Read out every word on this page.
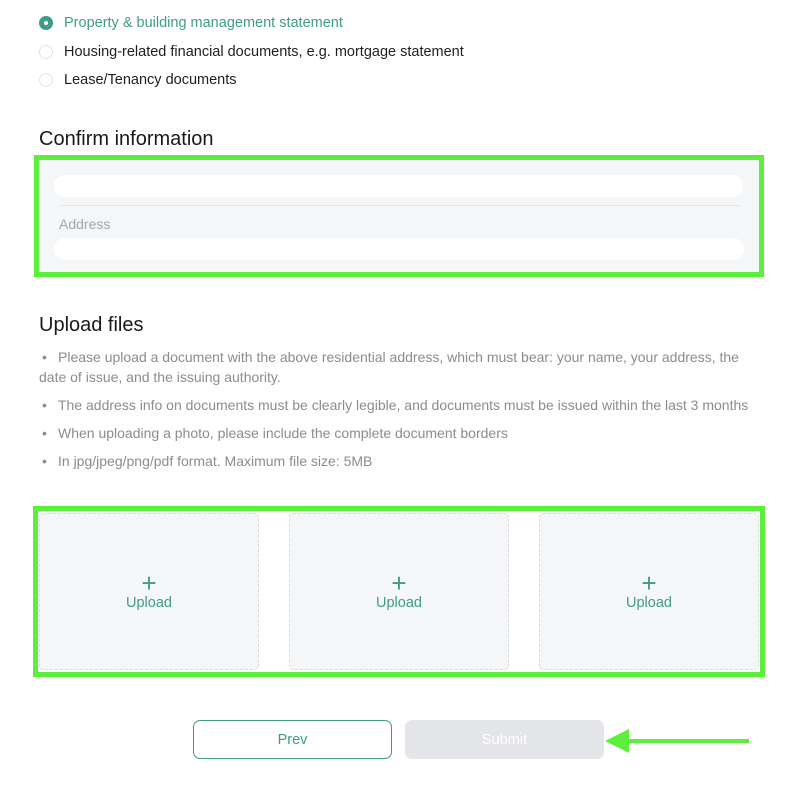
Property & building management statement
Housing-related financial documents, e.g. mortgage statement
Lease/Tenancy documents
Confirm information
Address
Upload files
• Please upload a document with the above residential address, which must bear: your name, your address, the date of issue, and the issuing authority.
• The address info on documents must be clearly legible, and documents must be issued within the last 3 months
• When uploading a photo, please include the complete document borders
• In jpg/jpeg/png/pdf format. Maximum file size: 5MB
+
Upload
+
Upload
+
Upload
Prev	Submit
